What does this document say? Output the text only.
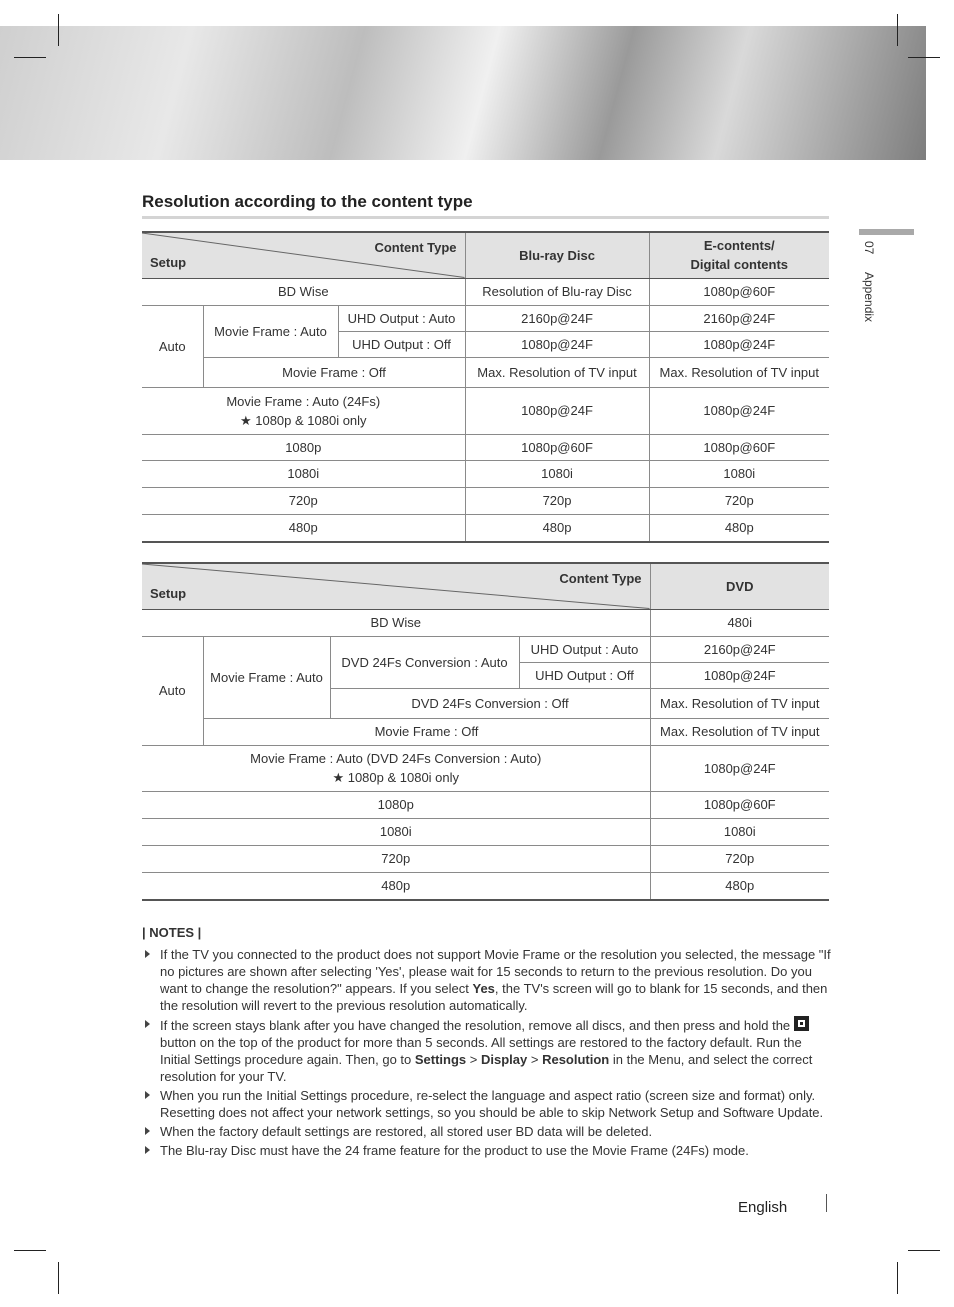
Resolution according to the content type
07 Appendix
Content Type
Setup			Blu-ray Disc	E-contents/
Digital contents
BD Wise			Resolution of Blu-ray Disc	1080p@60F
Auto	Movie Frame : Auto	UHD Output : Auto	2160p@24F	2160p@24F
		UHD Output : Off	1080p@24F	1080p@24F
	Movie Frame : Off		Max. Resolution of TV input	Max. Resolution of TV input
Movie Frame : Auto (24Fs)
★ 1080p & 1080i only			1080p@24F	1080p@24F
1080p			1080p@60F	1080p@60F
1080i			1080i	1080i
720p			720p	720p
480p			480p	480p
Content Type
Setup				DVD
BD Wise				480i
Auto	Movie Frame : Auto	DVD 24Fs Conversion : Auto	UHD Output : Auto	2160p@24F
			UHD Output : Off	1080p@24F
		DVD 24Fs Conversion : Off		Max. Resolution of TV input
	Movie Frame : Off			Max. Resolution of TV input
Movie Frame : Auto (DVD 24Fs Conversion : Auto)
★ 1080p & 1080i only				1080p@24F
1080p				1080p@60F
1080i				1080i
720p				720p
480p				480p
| NOTES |
If the TV you connected to the product does not support Movie Frame or the resolution you selected, the message "If no pictures are shown after selecting 'Yes', please wait for 15 seconds to return to the previous resolution. Do you want to change the resolution?" appears. If you select Yes, the TV's screen will go to blank for 15 seconds, and then the resolution will revert to the previous resolution automatically.
If the screen stays blank after you have changed the resolution, remove all discs, and then press and hold the  button on the top of the product for more than 5 seconds. All settings are restored to the factory default. Run the Initial Settings procedure again. Then, go to Settings > Display > Resolution in the Menu, and select the correct resolution for your TV.
When you run the Initial Settings procedure, re-select the language and aspect ratio (screen size and format) only. Resetting does not affect your network settings, so you should be able to skip Network Setup and Software Update.
When the factory default settings are restored, all stored user BD data will be deleted.
The Blu-ray Disc must have the 24 frame feature for the product to use the Movie Frame (24Fs) mode.
English
